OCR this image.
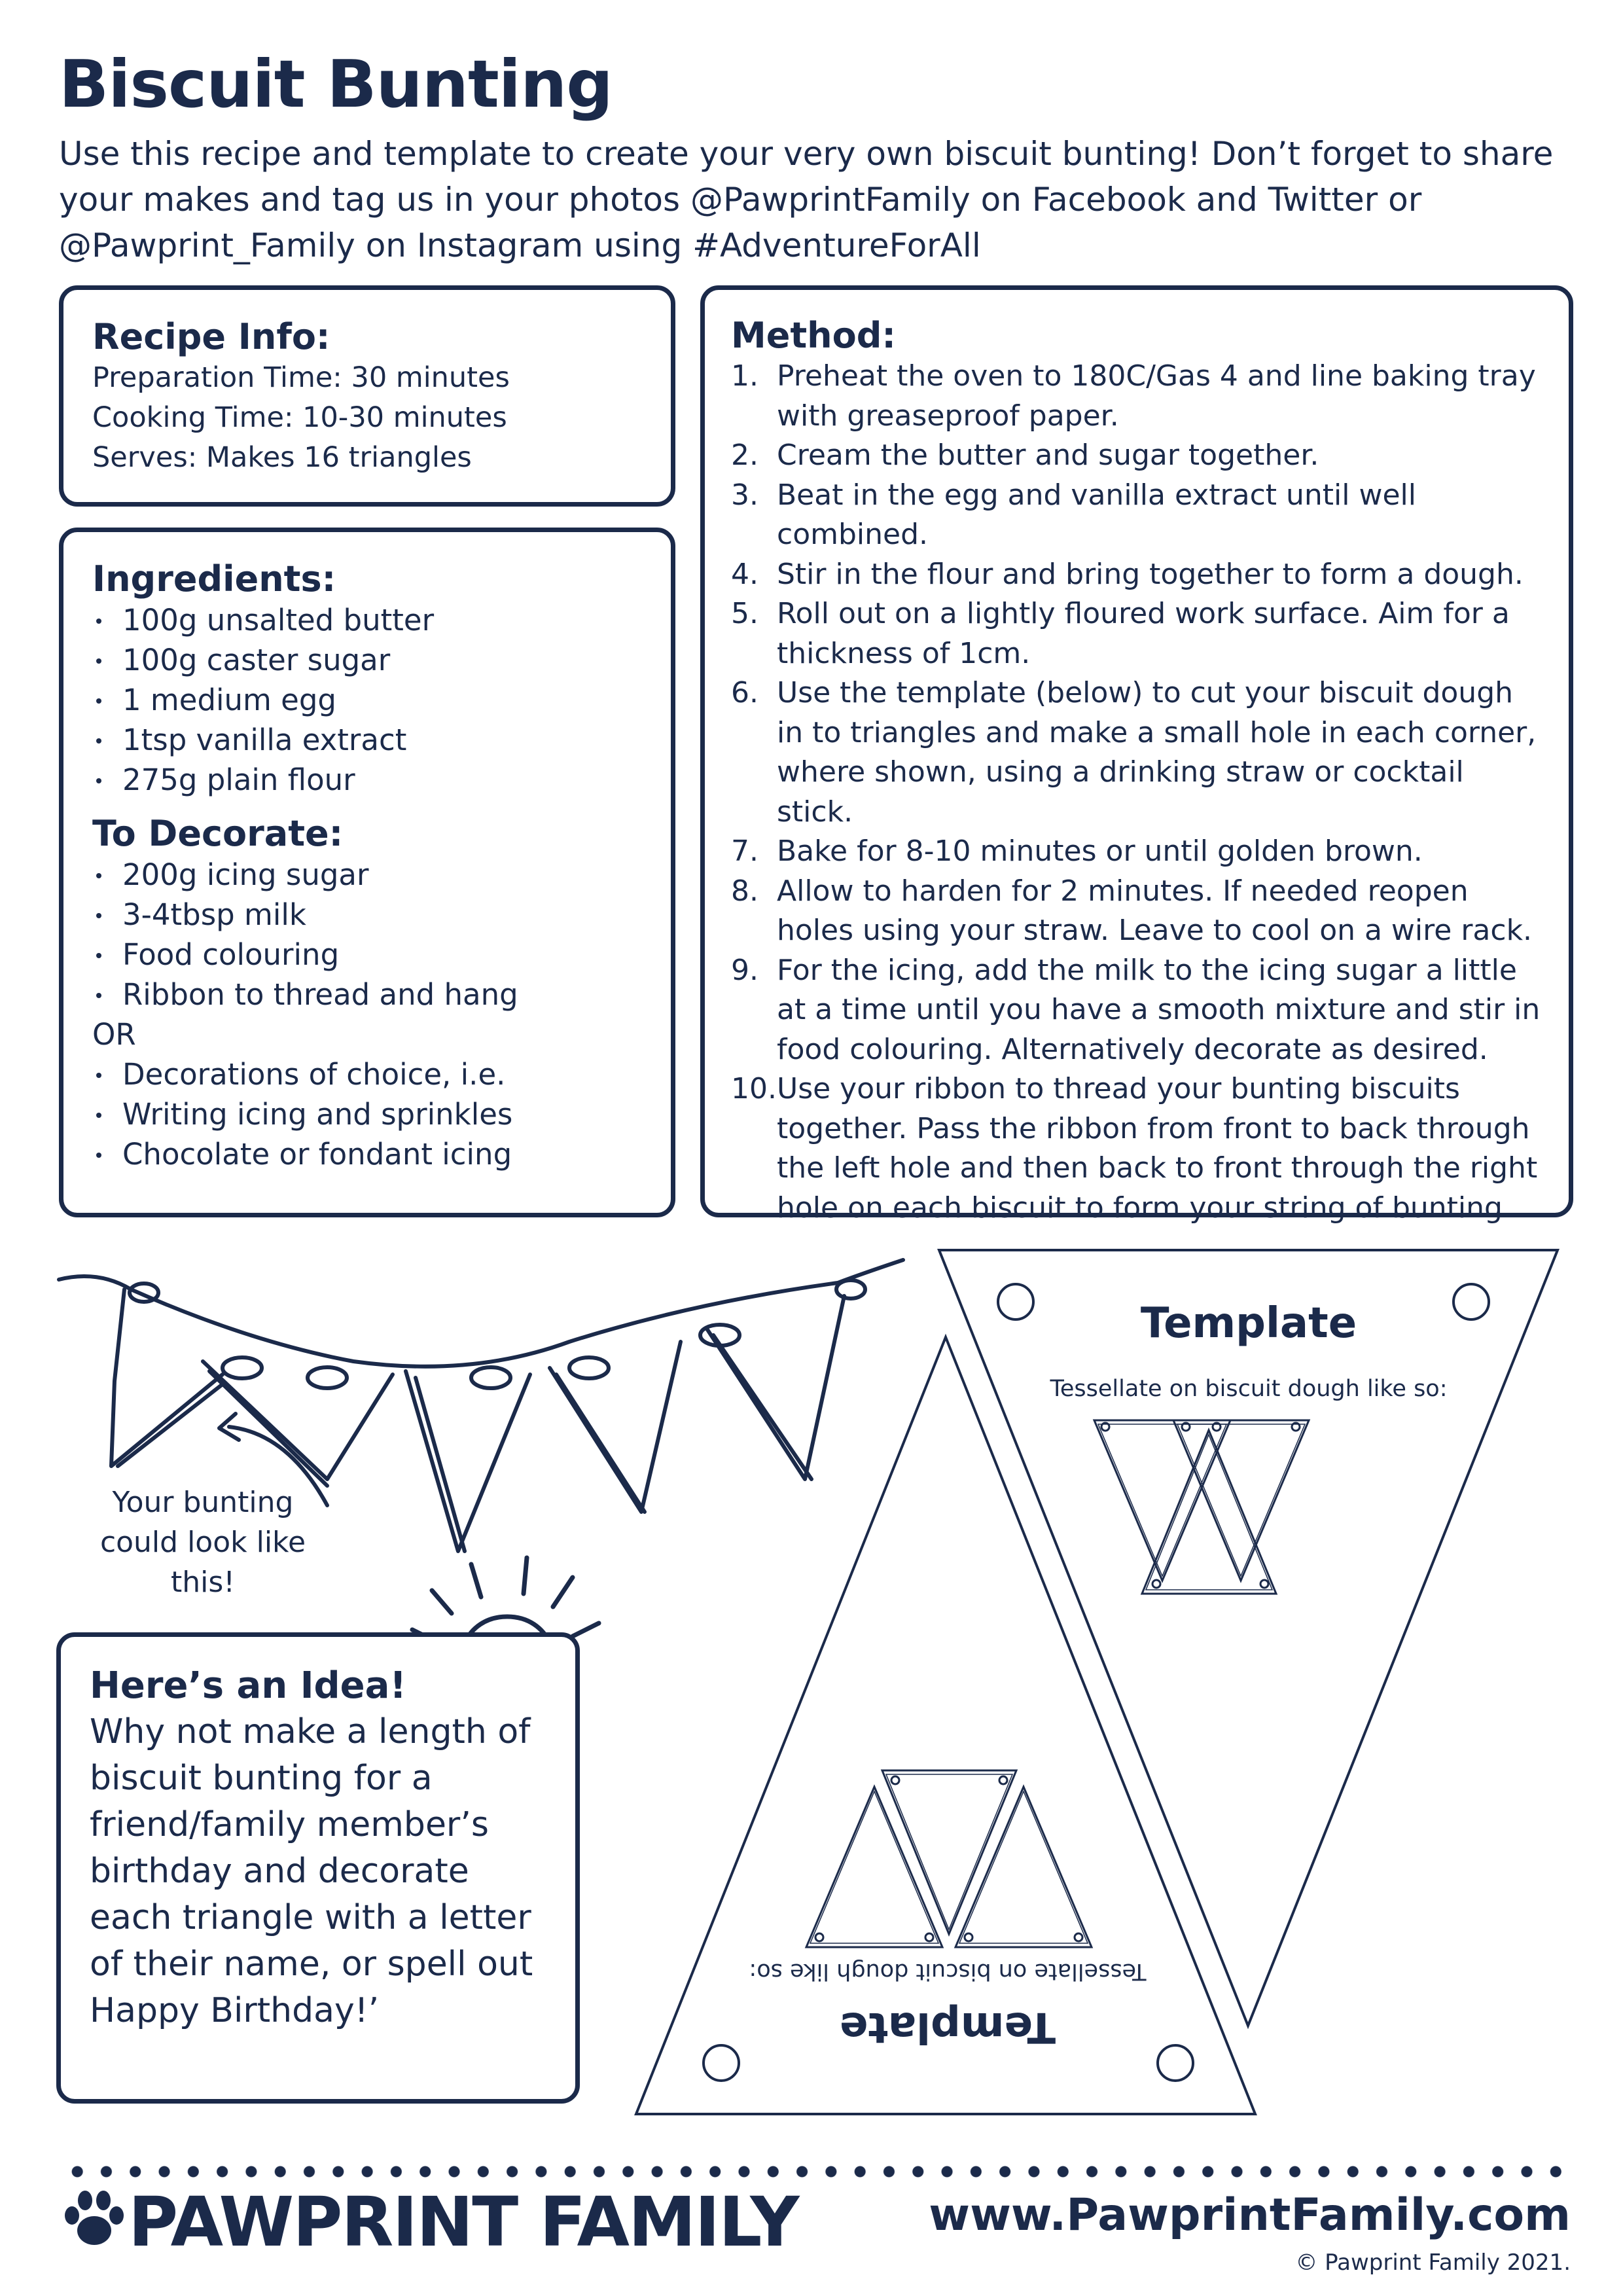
Biscuit Bunting

Use this recipe and template to create your very own biscuit bunting! Don’t forget to share your makes and tag us in your photos @PawprintFamily on Facebook and Twitter or @Pawprint_Family on Instagram using #AdventureForAll

Recipe Info:

Preparation Time: 30 minutes

Cooking Time: 10-30 minutes

Serves: Makes 16 triangles

Ingredients:
100g unsalted butter
100g caster sugar
1 medium egg
1tsp vanilla extract
275g plain flour
To Decorate:
200g icing sugar
3-4tbsp milk
Food colouring
Ribbon to thread and hang

OR

Decorations of choice, i.e.
Writing icing and sprinkles
Chocolate or fondant icing
Method:
1. Preheat the oven to 180C/Gas 4 and line baking tray with greaseproof paper.
2. Cream the butter and sugar together.
3. Beat in the egg and vanilla extract until well combined.
4. Stir in the flour and bring together to form a dough.
5. Roll out on a lightly floured work surface. Aim for a thickness of 1cm.
6. Use the template (below) to cut your biscuit dough in to triangles and make a small hole in each corner, where shown, using a drinking straw or cocktail stick.
7. Bake for 8-10 minutes or until golden brown.
8. Allow to harden for 2 minutes. If needed reopen holes using your straw. Leave to cool on a wire rack.
9. For the icing, add the milk to the icing sugar a little at a time until you have a smooth mixture and stir in food colouring. Alternatively decorate as desired.
10. Use your ribbon to thread your bunting biscuits together. Pass the ribbon from front to back through the left hole and then back to front through the right hole on each biscuit to form your string of bunting.
Your bunting could look like this!

Here’s an Idea!

Why not make a length of biscuit bunting for a friend/family member’s birthday and decorate each triangle with a letter of their name, or spell out Happy Birthday!’

Template
Tessellate on biscuit dough like so:
Template
Tessellate on biscuit dough like so:
PAWPRINT FAMILY	www.PawprintFamily.com
© Pawprint Family 2021.
